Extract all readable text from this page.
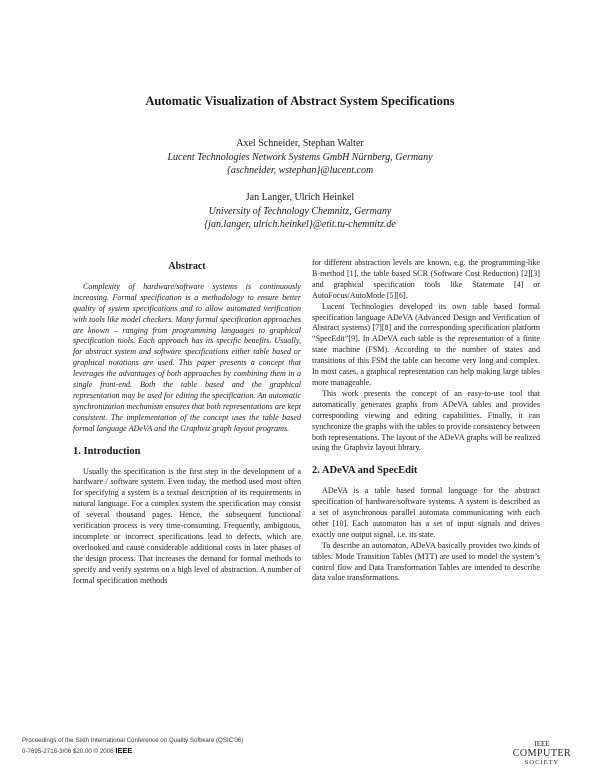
Automatic Visualization of Abstract System Specifications
Axel Schneider, Stephan Walter
Lucent Technologies Network Systems GmbH Nürnberg, Germany
{aschneider, wstephan}@lucent.com
Jan Langer, Ulrich Heinkel
University of Technology Chemnitz, Germany
{jan.langer, ulrich.heinkel}@etit.tu-chemnitz.de
Abstract

Complexity of hardware/software systems is continuously increasing. Formal specification is a methodology to ensure better quality of system specifications and to allow automated verification with tools like model checkers. Many formal specification approaches are known – ranging from programming languages to graphical specification tools. Each approach has its specific benefits. Usually, for abstract system and software specifications either table based or graphical notations are used. This paper presents a concept that leverages the advantages of both approaches by combining them in a single front-end. Both the table based and the graphical representation may be used for editing the specification. An automatic synchronization mechanism ensures that both representations are kept consistent. The implementation of the concept uses the table based formal language ADeVA and the Graphviz graph layout programs.

1. Introduction

Usually the specification is the first step in the development of a hardware / software system. Even today, the method used most often for specifying a system is a textual description of its requirements in natural language. For a complex system the specification may consist of several thousand pages. Hence, the subsequent functional verification process is very time-consuming. Frequently, ambiguous, incomplete or incorrect specifications lead to defects, which are overlooked and cause considerable additional costs in later phases of the design process. That increases the demand for formal methods to specify and verify systems on a high level of abstraction. A number of formal specification methods

for different abstraction levels are known, e.g. the programming-like B-method [1], the table based SCR (Software Cost Reduction) [2][3] and graphical specification tools like Statemate [4] or AutoFocus/AutoMode [5][6].

Lucent Technologies developed its own table based formal specification language ADeVA (Advanced Design and Verification of Abstract systems) [7][8] and the corresponding specification platform “SpecEdit”[9]. In ADeVA each table is the representation of a finite state machine (FSM). According to the number of states and transitions of this FSM the table can become very long and complex. In most cases, a graphical representation can help making large tables more manageable.

This work presents the concept of an easy-to-use tool that automatically generates graphs from ADeVA tables and provides corresponding viewing and editing capabilities. Finally, it can synchronize the graphs with the tables to provide consistency between both representations. The layout of the ADeVA graphs will be realized using the Graphviz layout library.

2. ADeVA and SpecEdit

ADeVA is a table based formal language for the abstract specification of hardware/software systems. A system is described as a set of asynchronous parallel automata communicating with each other [10]. Each automaton has a set of input signals and drives exactly one output signal, i.e. its state.

To describe an automaton, ADeVA basically provides two kinds of tables: Mode Transition Tables (MTT) are used to model the system’s control flow and Data Transformation Tables are intended to describe data value transformations.

Proceedings of the Sixth International Conference on Quality Software (QSIC'06)
0-7695-2718-3/06 $20.00 © 2006 IEEE
IEEE
COMPUTER
SOCIETY
